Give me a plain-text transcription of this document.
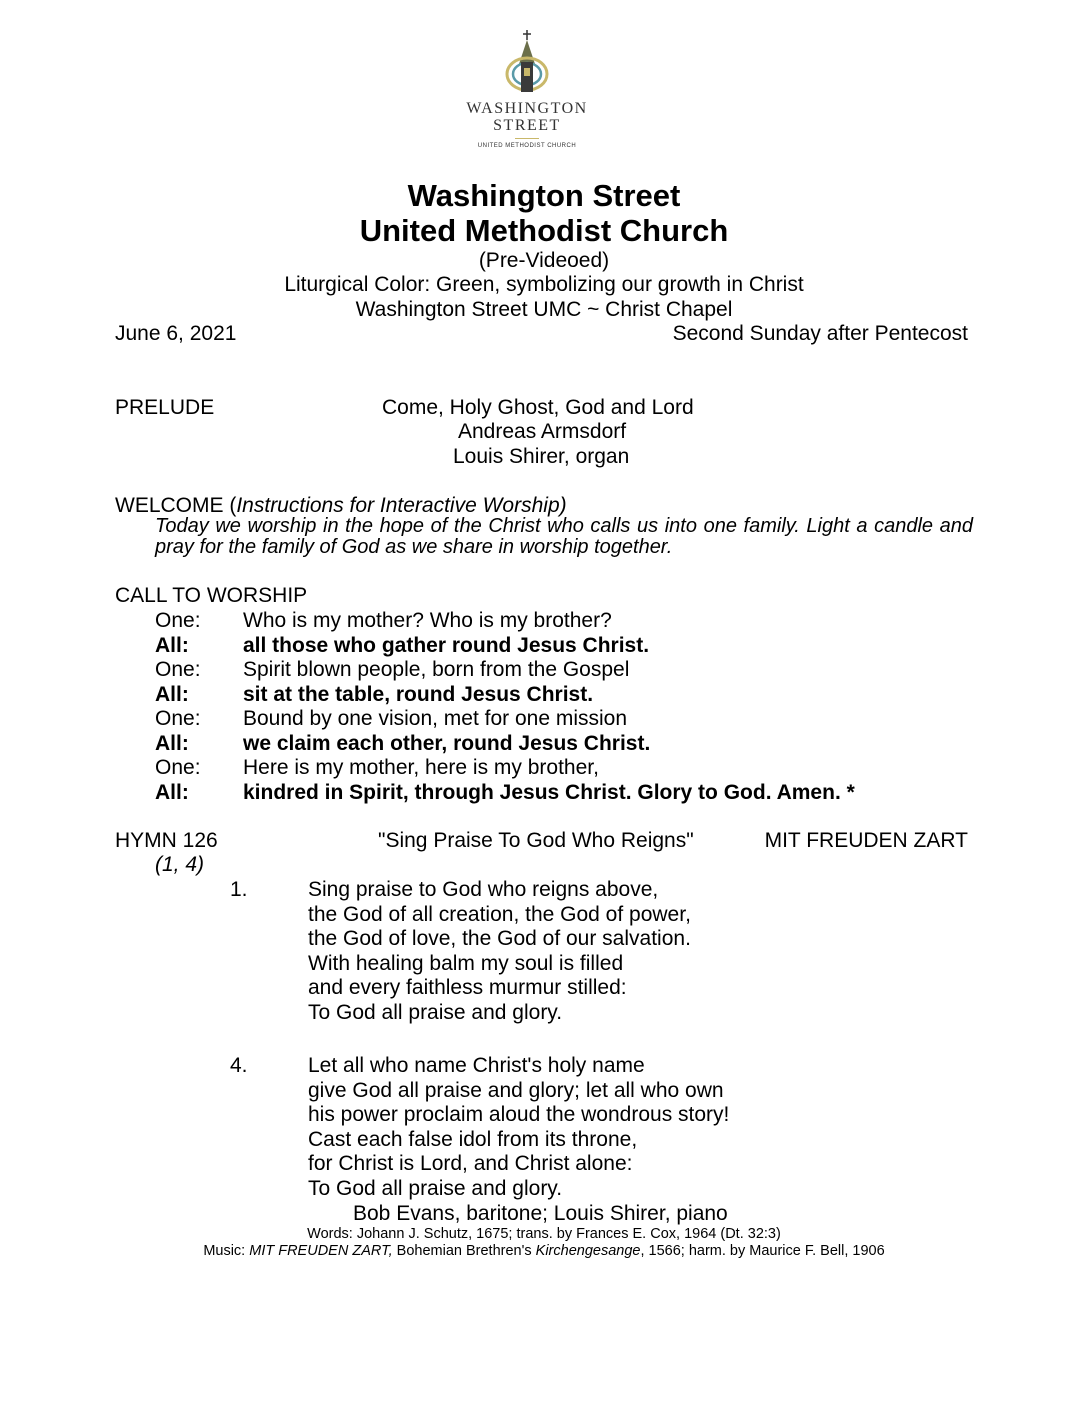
WASHINGTON
STREET
UNITED METHODIST CHURCH
Washington Street
United Methodist Church
(Pre-Videoed)
Liturgical Color: Green, symbolizing our growth in Christ
Washington Street UMC ~ Christ Chapel
June 6, 2021	Second Sunday after Pentecost
PRELUDE	Come, Holy Ghost, God and Lord
Andreas Armsdorf
Louis Shirer, organ
WELCOME (Instructions for Interactive Worship)
Today we worship in the hope of the Christ who calls us into one family. Light a candle and pray for the family of God as we share in worship together.
CALL TO WORSHIP
One: Who is my mother? Who is my brother?
All:	all those who gather round Jesus Christ.
One: Spirit blown people, born from the Gospel
All:	sit at the table, round Jesus Christ.
One: Bound by one vision, met for one mission
All:	we claim each other, round Jesus Christ.
One: Here is my mother, here is my brother,
All:	kindred in Spirit, through Jesus Christ. Glory to God. Amen. *
HYMN 126	"Sing Praise To God Who Reigns"	MIT FREUDEN ZART
(1, 4)
1.	Sing praise to God who reigns above,
the God of all creation, the God of power,
the God of love, the God of our salvation.
With healing balm my soul is filled
and every faithless murmur stilled:
To God all praise and glory.
4.	Let all who name Christ's holy name
give God all praise and glory; let all who own
his power proclaim aloud the wondrous story!
Cast each false idol from its throne,
for Christ is Lord, and Christ alone:
To God all praise and glory.
Bob Evans, baritone; Louis Shirer, piano
Words: Johann J. Schutz, 1675; trans. by Frances E. Cox, 1964 (Dt. 32:3)
Music: MIT FREUDEN ZART, Bohemian Brethren's Kirchengesange, 1566; harm. by Maurice F. Bell, 1906
